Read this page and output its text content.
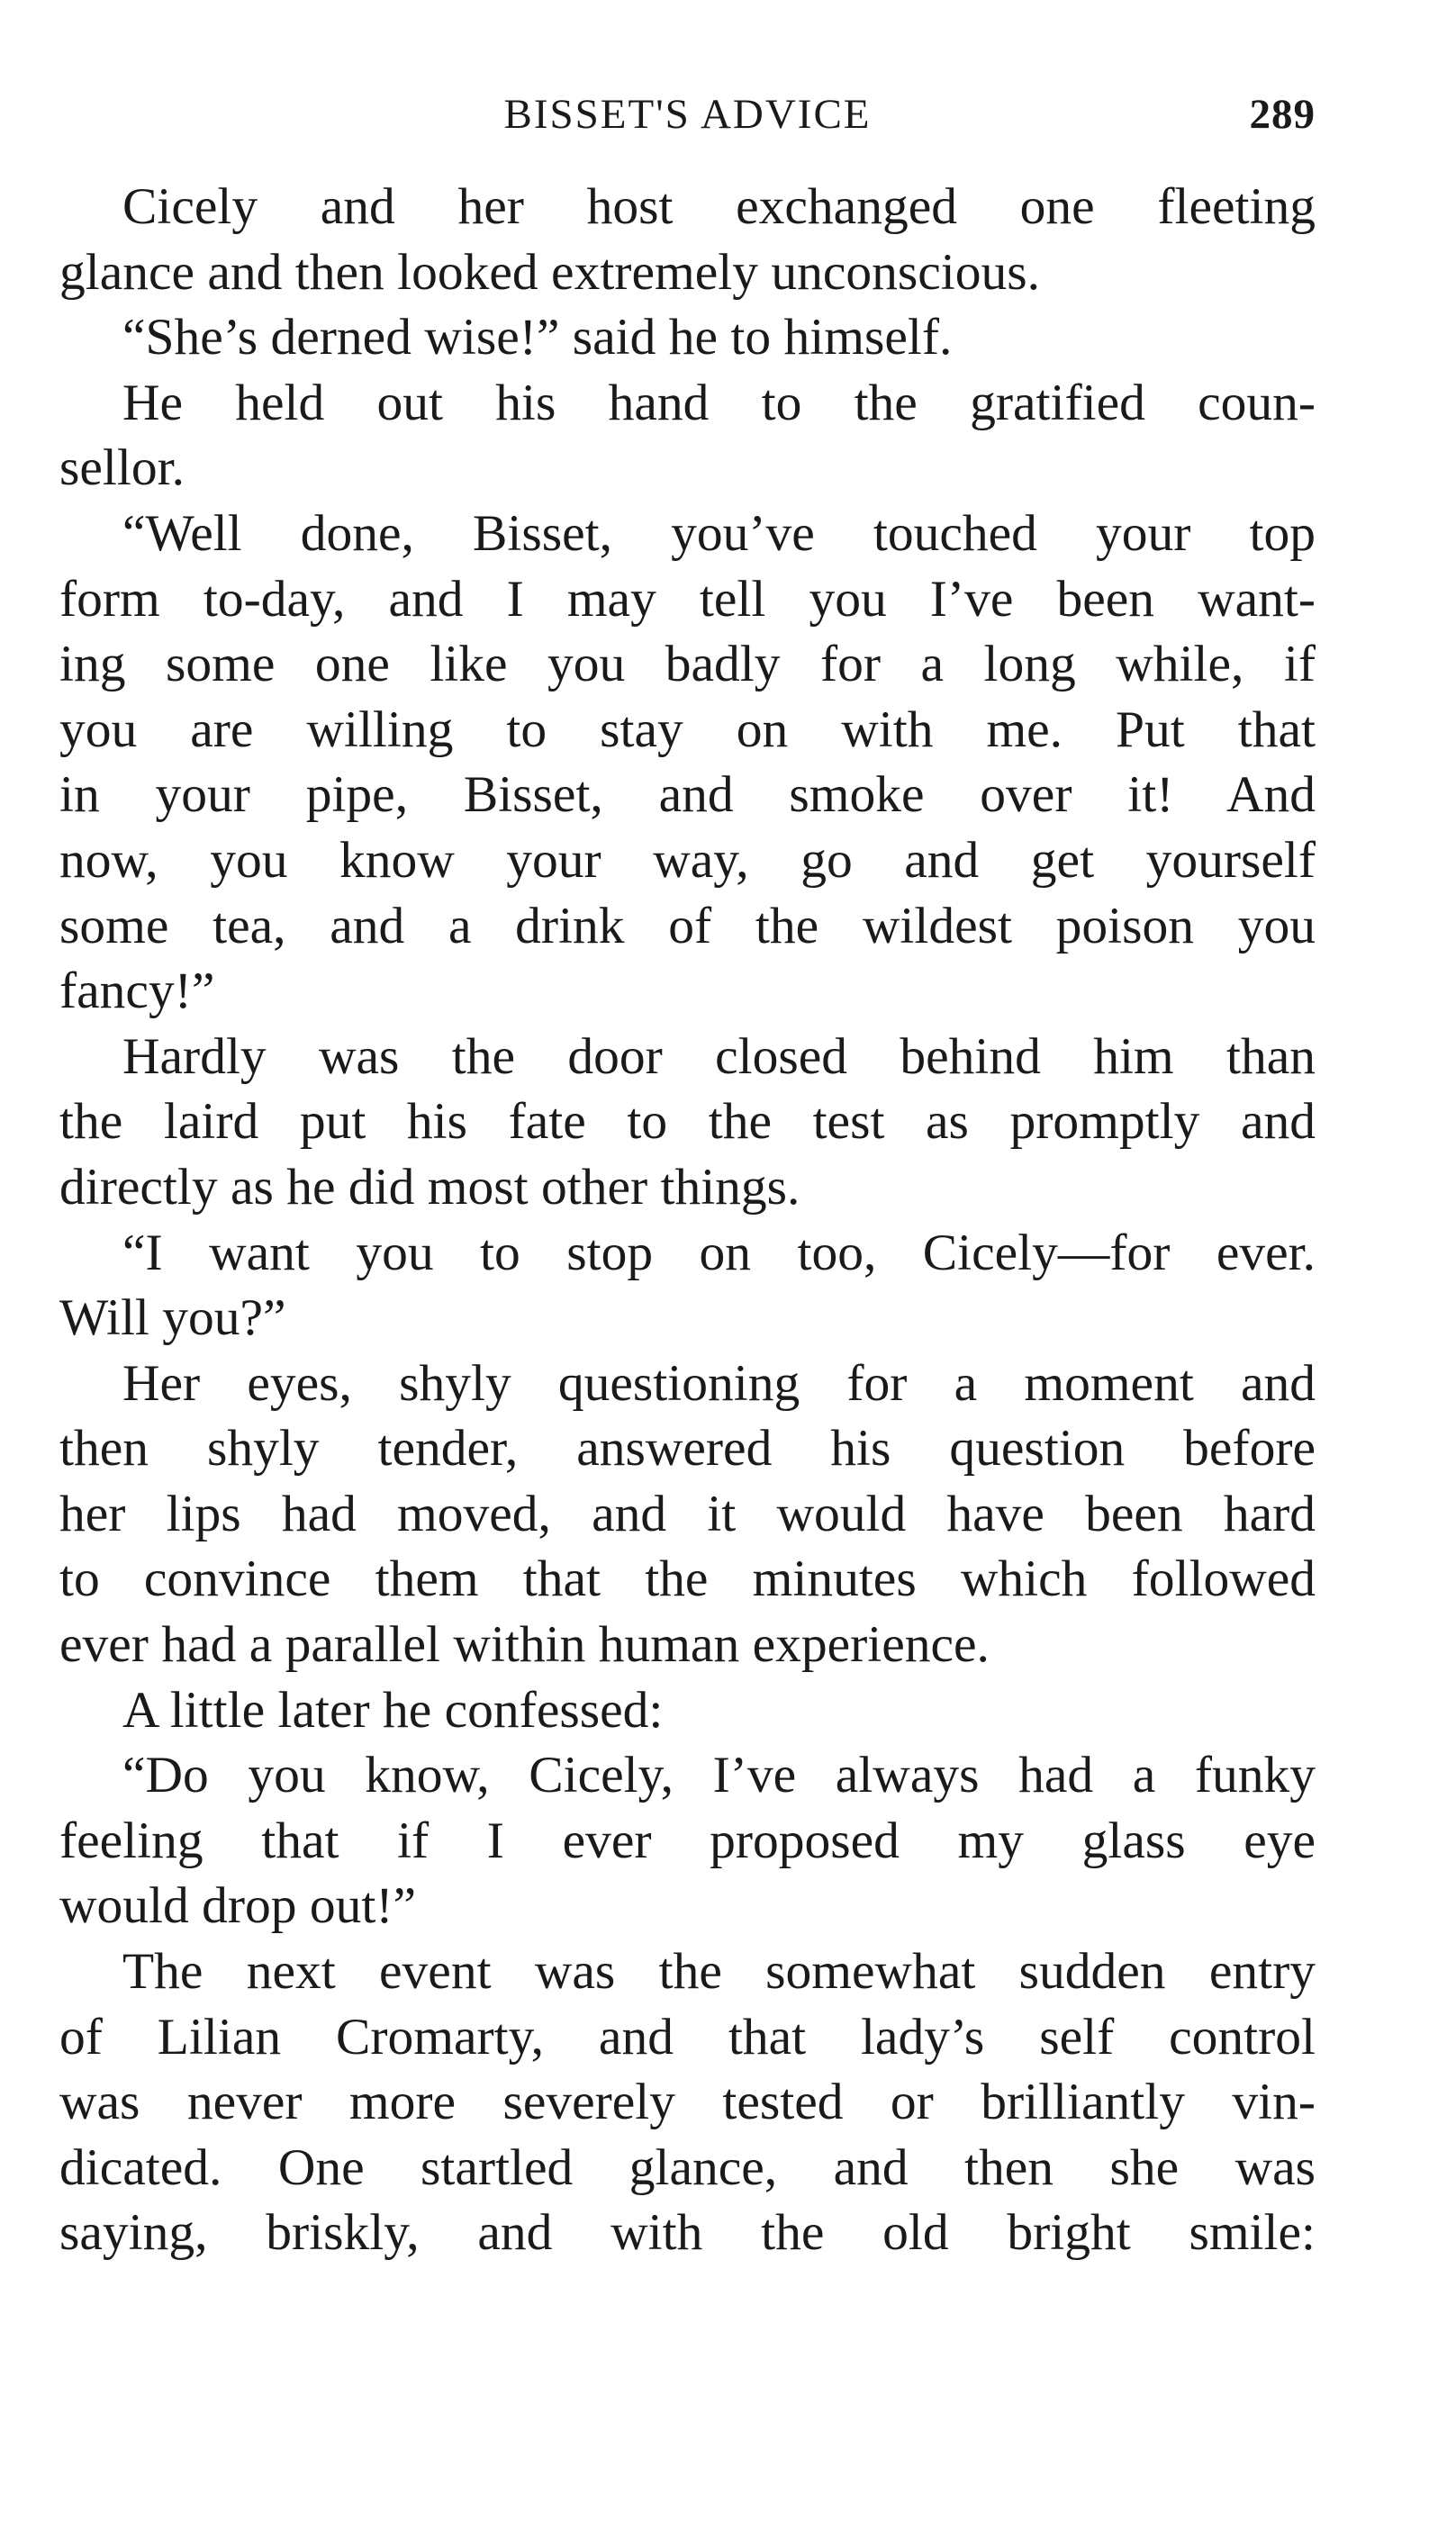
BISSET'S ADVICE	289
Cicely and her host exchanged one fleeting
glance and then looked extremely unconscious.
“She’s derned wise!” said he to himself.
He held out his hand to the gratified coun-
sellor.
“Well done, Bisset, you’ve touched your top
form to-day, and I may tell you I’ve been want-
ing some one like you badly for a long while, if
you are willing to stay on with me. Put that
in your pipe, Bisset, and smoke over it! And
now, you know your way, go and get yourself
some tea, and a drink of the wildest poison you
fancy!”
Hardly was the door closed behind him than
the laird put his fate to the test as promptly and
directly as he did most other things.
“I want you to stop on too, Cicely—for ever.
Will you?”
Her eyes, shyly questioning for a moment and
then shyly tender, answered his question before
her lips had moved, and it would have been hard
to convince them that the minutes which followed
ever had a parallel within human experience.
A little later he confessed:
“Do you know, Cicely, I’ve always had a funky
feeling that if I ever proposed my glass eye
would drop out!”
The next event was the somewhat sudden entry
of Lilian Cromarty, and that lady’s self control
was never more severely tested or brilliantly vin-
dicated. One startled glance, and then she was
saying, briskly, and with the old bright smile:
